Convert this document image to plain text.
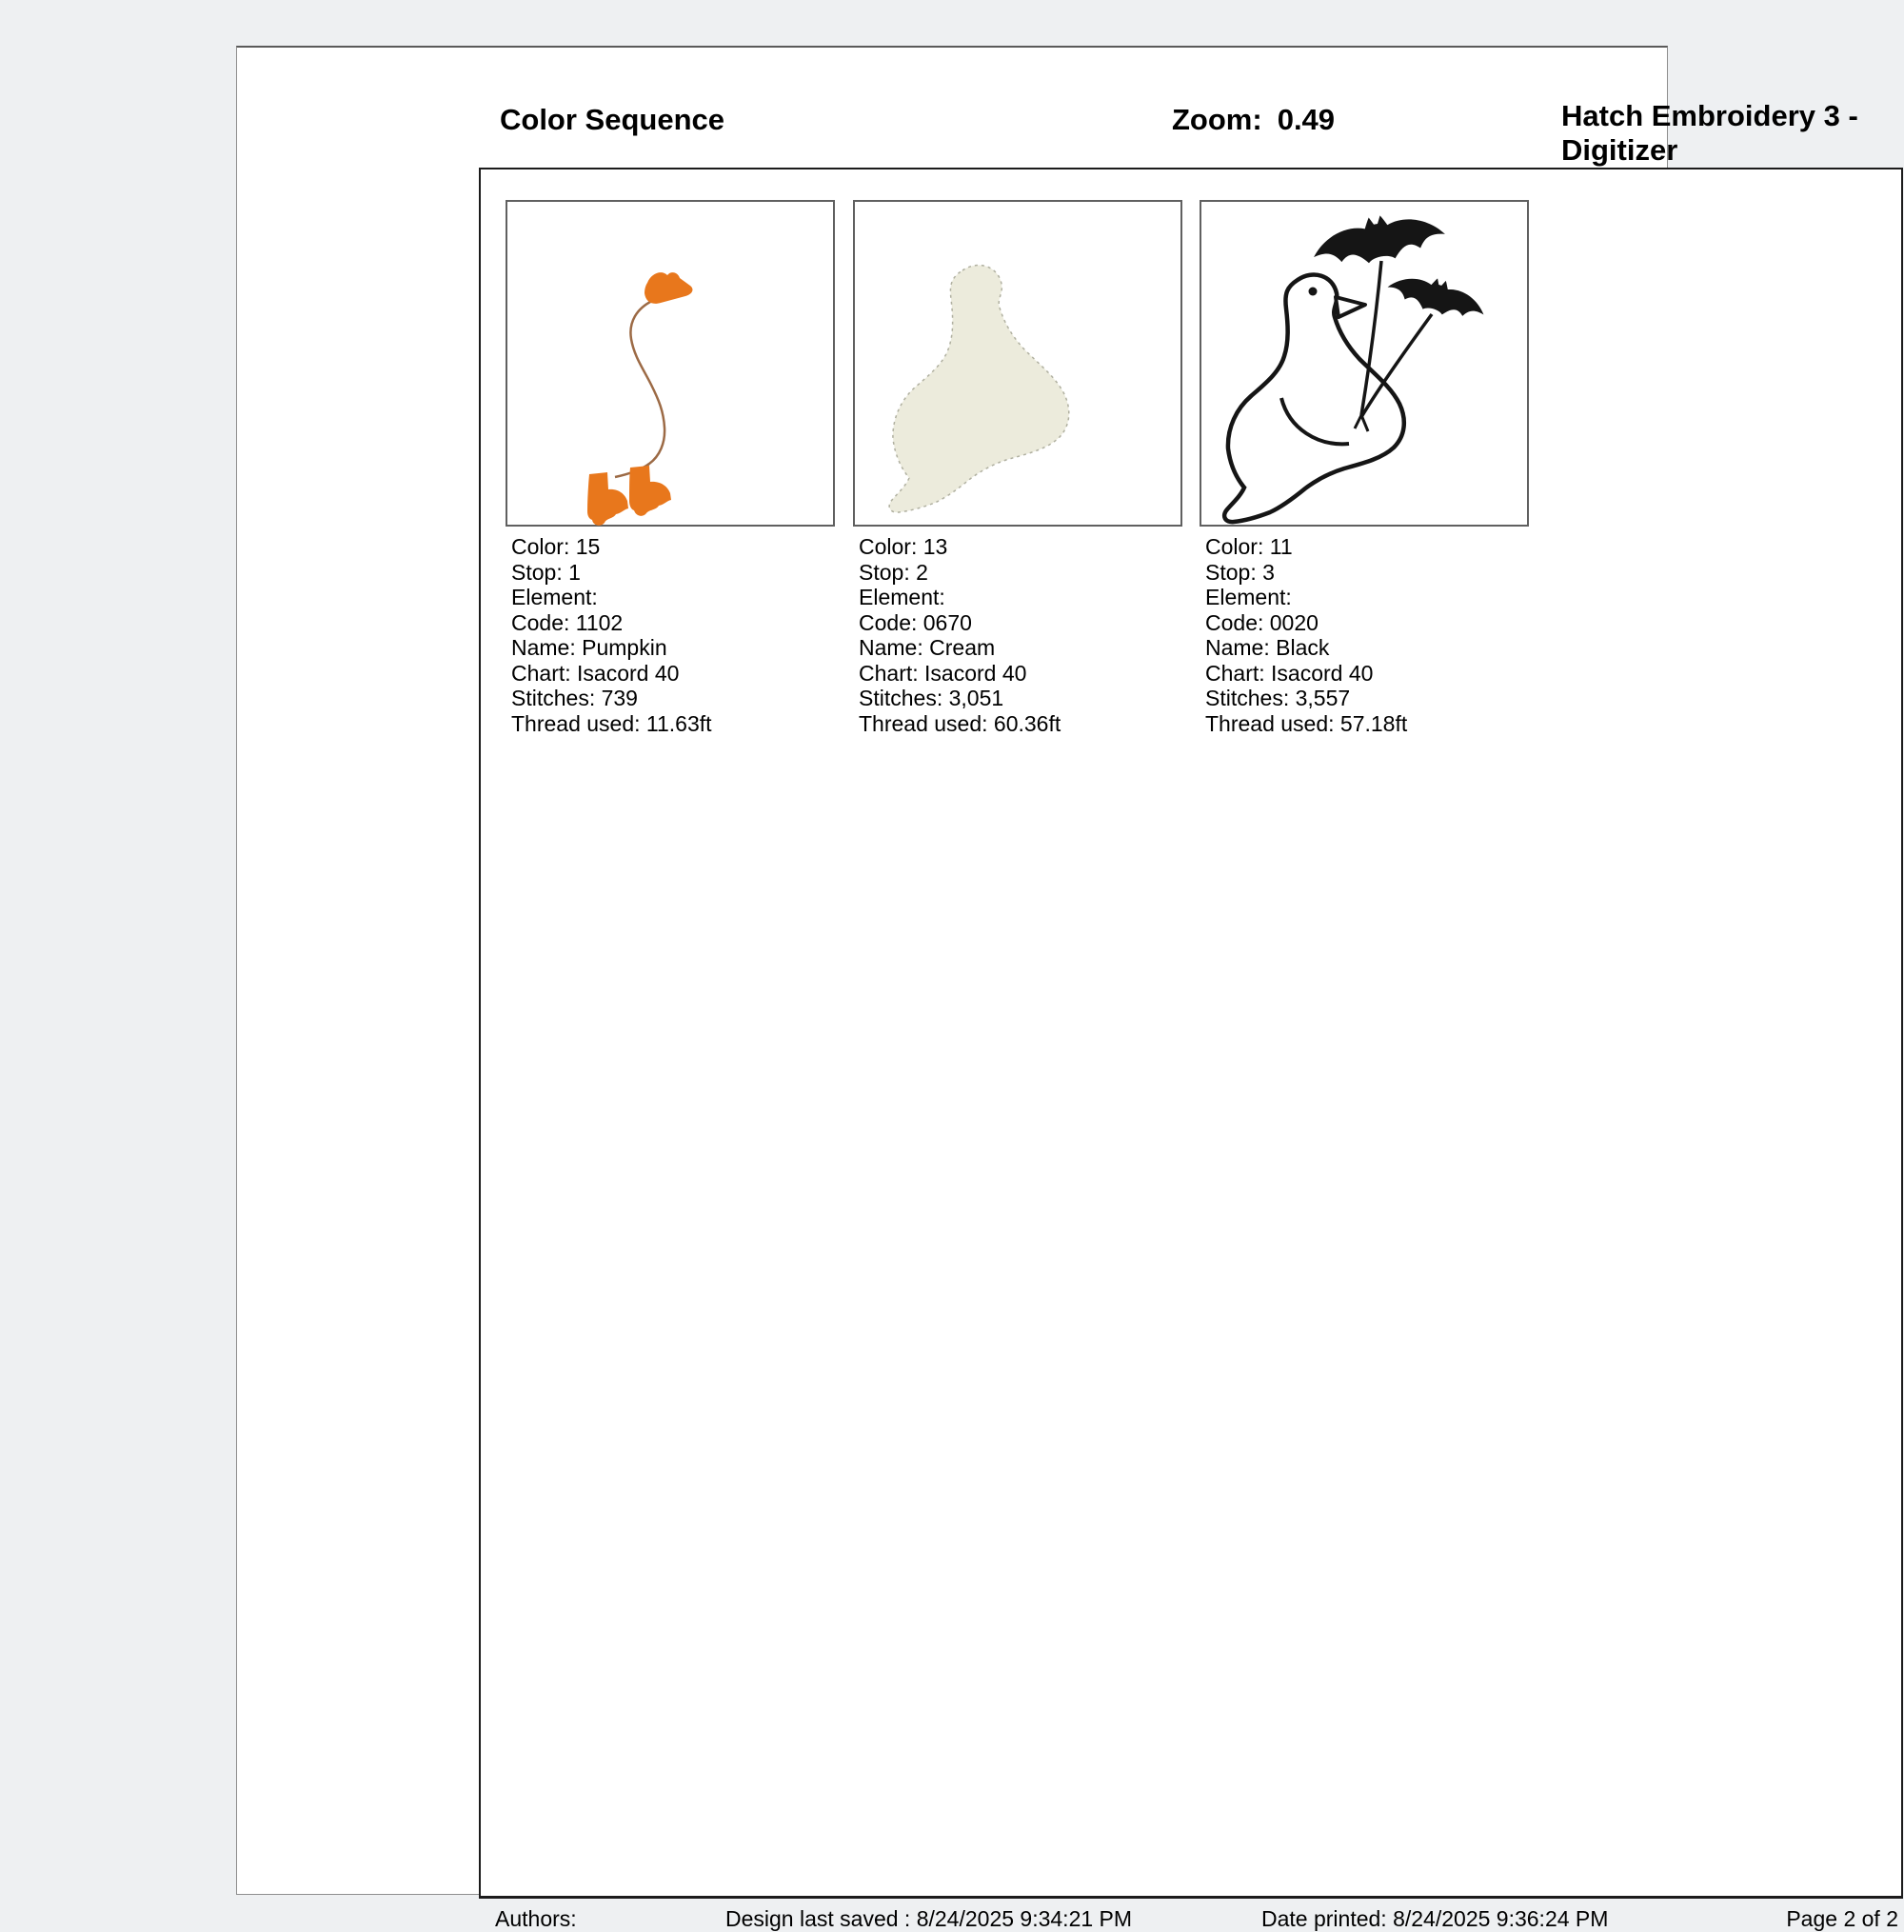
Color Sequence	Zoom: 0.49	Hatch Embroidery 3 -
Digitizer
Color: 15
Stop: 1
Element:
Code: 1102
Name: Pumpkin
Chart: Isacord 40
Stitches: 739
Thread used: 11.63ft
Color: 13
Stop: 2
Element:
Code: 0670
Name: Cream
Chart: Isacord 40
Stitches: 3,051
Thread used: 60.36ft
Color: 11
Stop: 3
Element:
Code: 0020
Name: Black
Chart: Isacord 40
Stitches: 3,557
Thread used: 57.18ft
Authors:	Design last saved : 8/24/2025 9:34:21 PM	Date printed: 8/24/2025 9:36:24 PM	Page 2 of 2
